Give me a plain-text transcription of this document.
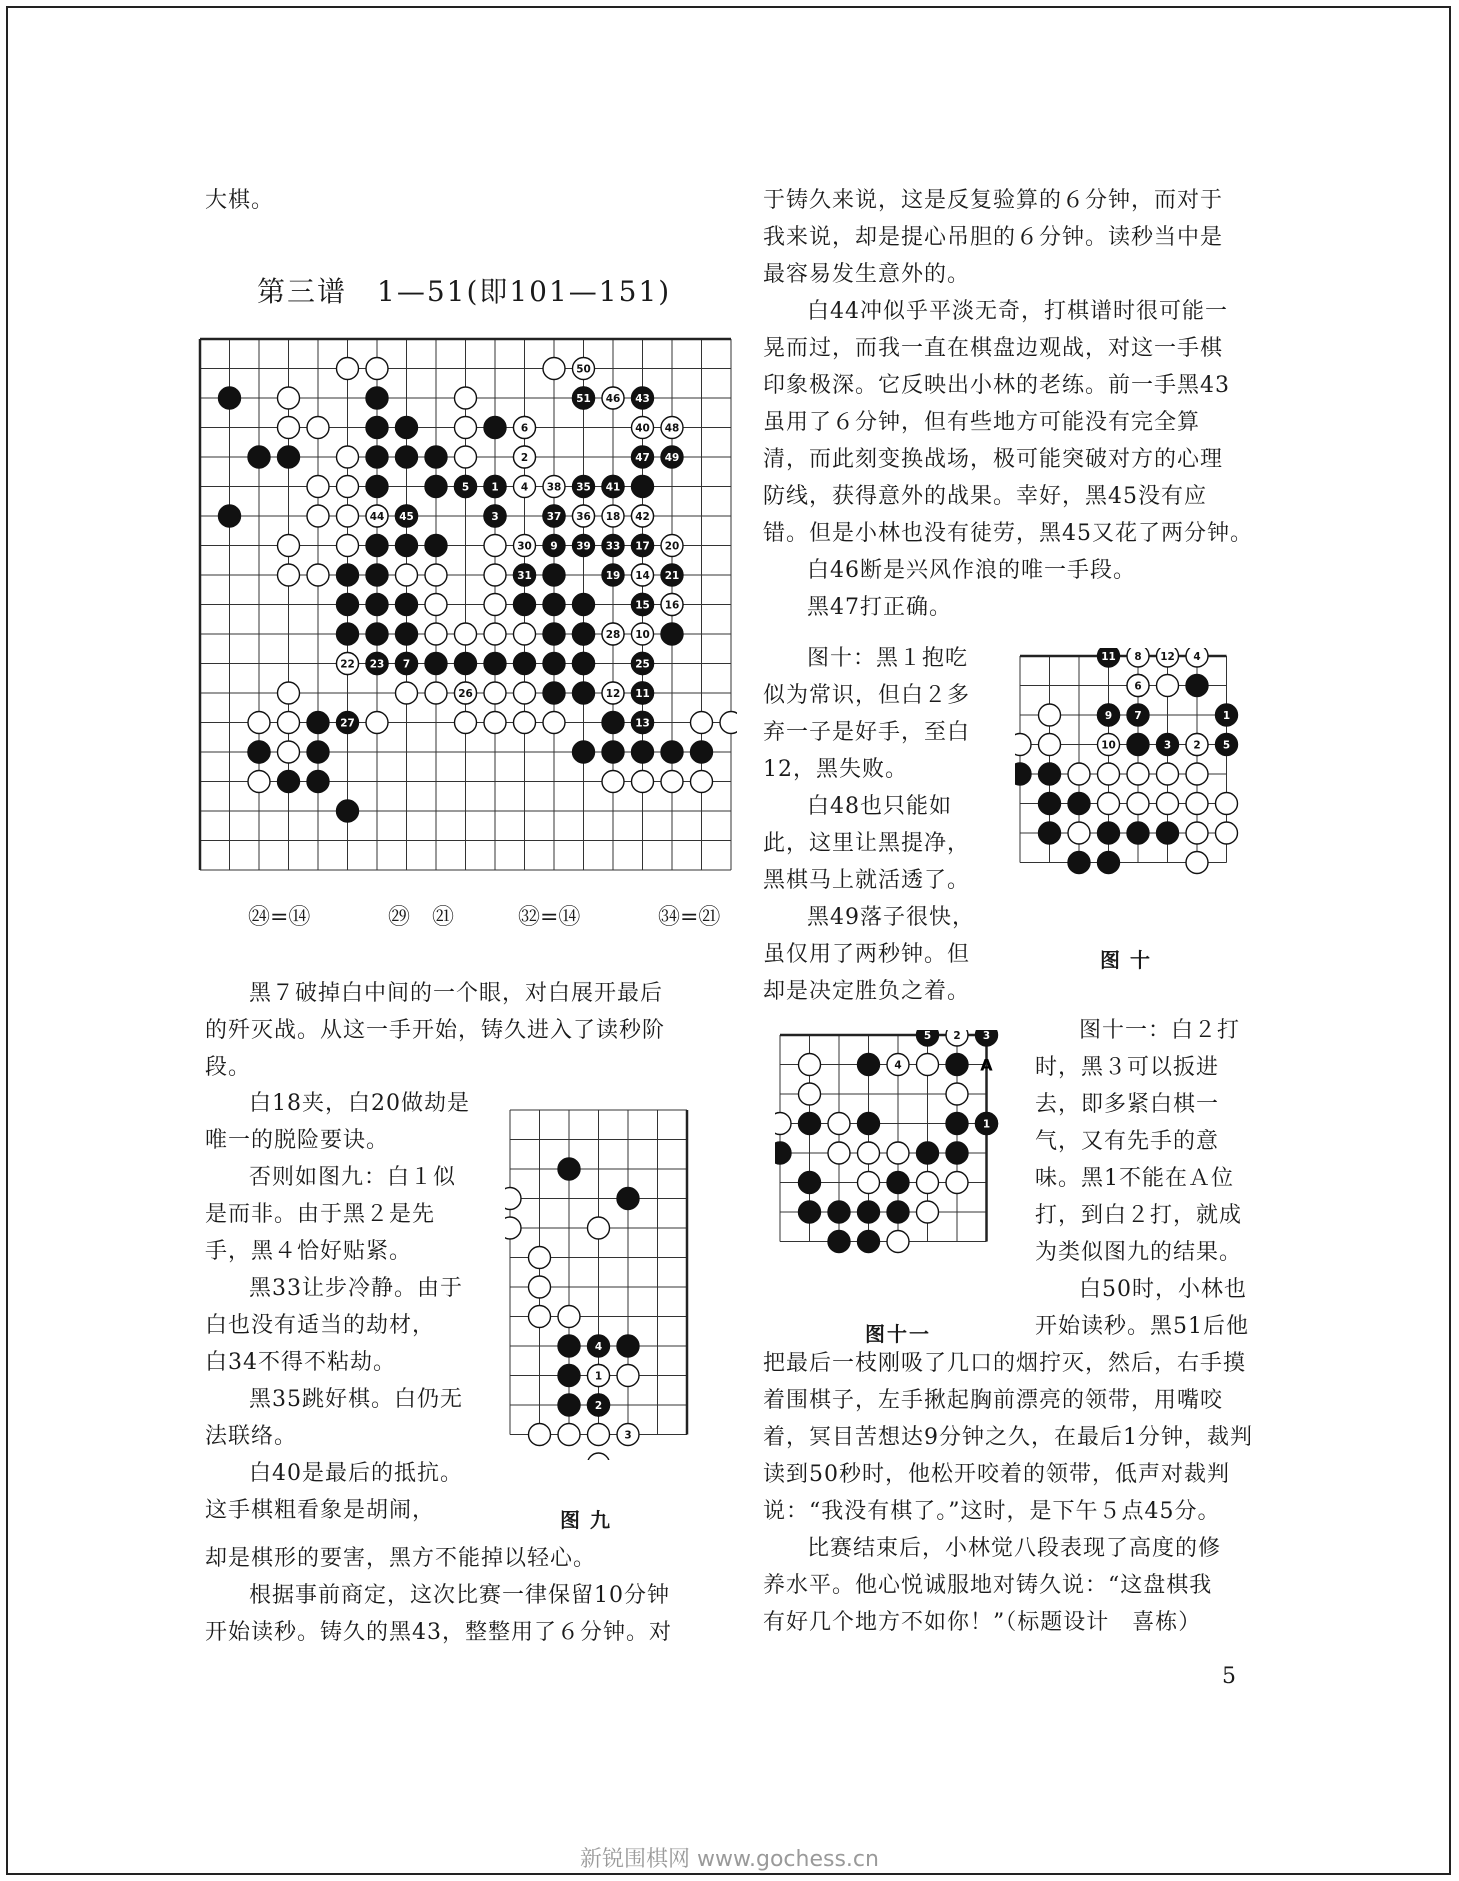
大棋。
第三谱　1—51(即101—151)
50
51 46 43
40 48
47 49
6
2
1 4 38 35 41
5
44 45	3	37 36 18 42
30 9 39 33 17 20
31	19 14 21
15 16
28 10
22 23 7	25
26	12 11
13
27
㉔=⑭	㉙　㉑	㉜=⑭	㉞=㉑

黑７破掉白中间的一个眼，对白展开最后

的歼灭战。从这一手开始，铸久进入了读秒阶

段。

白18夹，白20做劫是

唯一的脱险要诀。

否则如图九：白１似

是而非。由于黑２是先

手，黑４恰好贴紧。

黑33让步冷静。由于

白也没有适当的劫材，

白34不得不粘劫。

黑35跳好棋。白仍无

法联络。

白40是最后的抵抗。

这手棋粗看象是胡闹，

4
1
2
3
图九

却是棋形的要害，黑方不能掉以轻心。

根据事前商定，这次比赛一律保留10分钟

开始读秒。铸久的黑43，整整用了６分钟。对

于铸久来说，这是反复验算的６分钟，而对于

我来说，却是提心吊胆的６分钟。读秒当中是

最容易发生意外的。

白44冲似乎平淡无奇，打棋谱时很可能一

晃而过，而我一直在棋盘边观战，对这一手棋

印象极深。它反映出小林的老练。前一手黑43

虽用了６分钟，但有些地方可能没有完全算

清，而此刻变换战场，极可能突破对方的心理

防线，获得意外的战果。幸好，黑45没有应

错。但是小林也没有徒劳，黑45又花了两分钟。

白46断是兴风作浪的唯一手段。

黑47打正确。

图十：黑１抱吃

似为常识，但白２多

弃一子是好手，至白

12，黑失败。

白48也只能如

此，这里让黑提净，

黑棋马上就活透了。

黑49落子很快，

虽仅用了两秒钟。但

却是决定胜负之着。

11 8 12 4
6
9 7	1
10	3 2 5
图十
5 2 3
4
1
A
图十一

图十一：白２打

时，黑３可以扳进

去，即多紧白棋一

气，又有先手的意

味。黑1不能在Ａ位

打，到白２打，就成

为类似图九的结果。

白50时，小林也

开始读秒。黑51后他

把最后一枝刚吸了几口的烟拧灭，然后，右手摸

着围棋子，左手揪起胸前漂亮的领带，用嘴咬

着，冥目苦想达9分钟之久，在最后1分钟，裁判

读到50秒时，他松开咬着的领带，低声对裁判

说：“我没有棋了。”这时，是下午５点45分。

比赛结束后，小林觉八段表现了高度的修

养水平。他心悦诚服地对铸久说：“这盘棋我

有好几个地方不如你！”（标题设计　喜栋）

5
新锐围棋网 www.gochess.cn
